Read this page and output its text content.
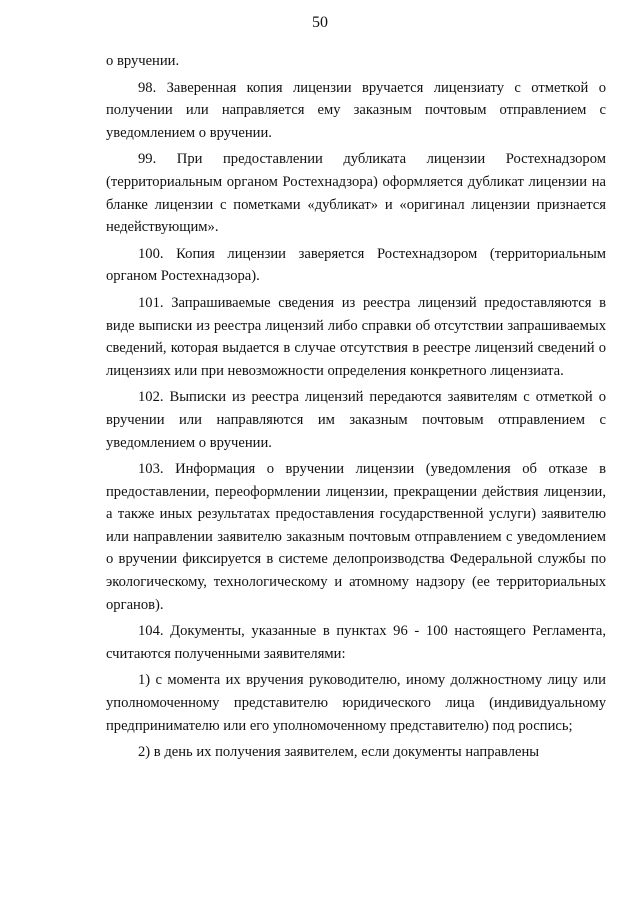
50

о вручении.

98. Заверенная копия лицензии вручается лицензиату с отметкой о получении или направляется ему заказным почтовым отправлением с уведомлением о вручении.

99. При предоставлении дубликата лицензии Ростехнадзором (территориальным органом Ростехнадзора) оформляется дубликат лицензии на бланке лицензии с пометками «дубликат» и «оригинал лицензии признается недействующим».

100. Копия лицензии заверяется Ростехнадзором (территориальным органом Ростехнадзора).

101. Запрашиваемые сведения из реестра лицензий предоставляются в виде выписки из реестра лицензий либо справки об отсутствии запрашиваемых сведений, которая выдается в случае отсутствия в реестре лицензий сведений о лицензиях или при невозможности определения конкретного лицензиата.

102. Выписки из реестра лицензий передаются заявителям с отметкой о вручении или направляются им заказным почтовым отправлением с уведомлением о вручении.

103. Информация о вручении лицензии (уведомления об отказе в предоставлении, переоформлении лицензии, прекращении действия лицензии, а также иных результатах предоставления государственной услуги) заявителю или направлении заявителю заказным почтовым отправлением с уведомлением о вручении фиксируется в системе делопроизводства Федеральной службы по экологическому, технологическому и атомному надзору (ее территориальных органов).

104. Документы, указанные в пунктах 96 - 100 настоящего Регламента, считаются полученными заявителями:

1) с момента их вручения руководителю, иному должностному лицу или уполномоченному представителю юридического лица (индивидуальному предпринимателю или его уполномоченному представителю) под роспись;

2) в день их получения заявителем, если документы направлены
